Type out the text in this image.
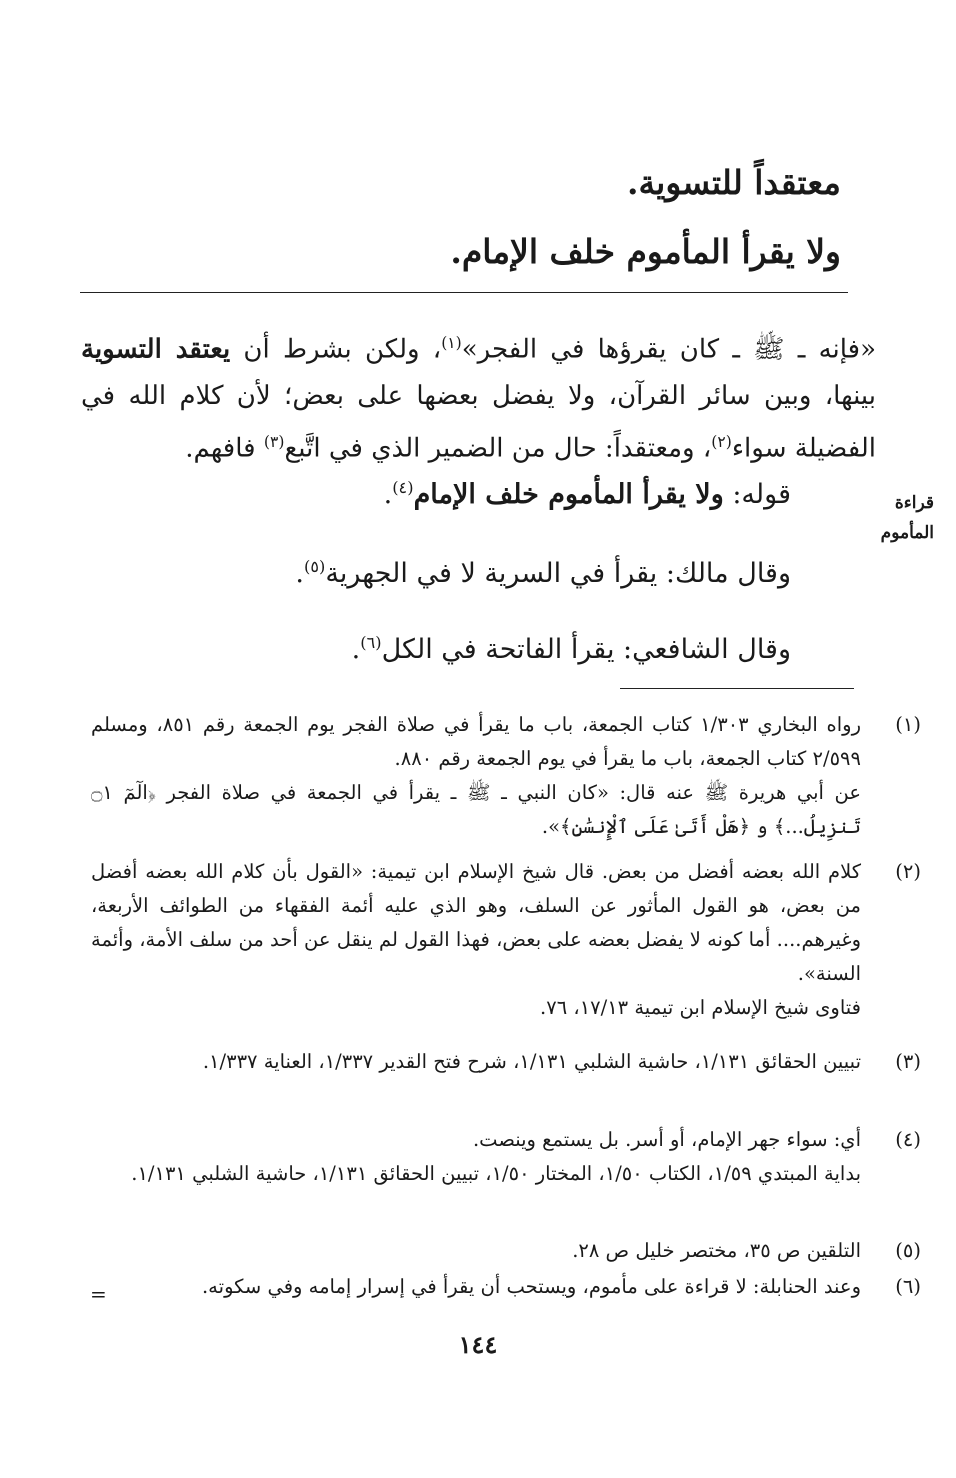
معتقداً للتسوية.
ولا يقرأ المأموم خلف الإمام.

«فإنه ـ ﷺ ـ كان يقرؤها في الفجر»$^{(١)}$، ولكن بشرط أن يعتقد التسوية بينها، وبين سائر القرآن، ولا يفضل بعضها على بعض؛ لأن كلام الله في الفضيلة سواء$^{(٢)}$، ومعتقداً: حال من الضمير الذي في اتَّبع$^{(٣)}$ فافهم.

قراءة
المأموم
قوله: ولا يقرأ المأموم خلف الإمام$^{(٤)}$.
وقال مالك: يقرأ في السرية لا في الجهرية$^{(٥)}$.
وقال الشافعي: يقرأ الفاتحة في الكل$^{(٦)}$.
(١)

رواه البخاري ١/٣٠٣ كتاب الجمعة، باب ما يقرأ في صلاة الفجر يوم الجمعة رقم ٨٥١، ومسلم ٢/٥٩٩ كتاب الجمعة، باب ما يقرأ في يوم الجمعة رقم ٨٨٠.

عن أبي هريرة ﷺ عنه قال: «كان النبي ـ ﷺ ـ يقرأ في الجمعة في صلاة الفجر ﴿الٓمٓ ۝١ تَنزِيلُ...﴾ و ﴿هَلْ أَتَىٰ عَلَى ٱلْإِنسَٰنِ﴾».

(٢)

كلام الله بعضه أفضل من بعض. قال شيخ الإسلام ابن تيمية: «القول بأن كلام الله بعضه أفضل من بعض، هو القول المأثور عن السلف، وهو الذي عليه أئمة الفقهاء من الطوائف الأربعة، وغيرهم.... أما كونه لا يفضل بعضه على بعض، فهذا القول لم ينقل عن أحد من سلف الأمة، وأئمة السنة».

فتاوى شيخ الإسلام ابن تيمية ١٧/١٣، ٧٦.

(٣)

تبيين الحقائق ١/١٣١، حاشية الشلبي ١/١٣١، شرح فتح القدير ١/٣٣٧، العناية ١/٣٣٧.

(٤)

أي: سواء جهر الإمام، أو أسر. بل يستمع وينصت.

بداية المبتدي ١/٥٩، الكتاب ١/٥٠، المختار ١/٥٠، تبيين الحقائق ١/١٣١، حاشية الشلبي ١/١٣١.

(٥)

التلقين ص ٣٥، مختصر خليل ص ٢٨.

(٦)

وعند الحنابلة: لا قراءة على مأموم، ويستحب أن يقرأ في إسرار إمامه وفي سكوته.

=
١٤٤
